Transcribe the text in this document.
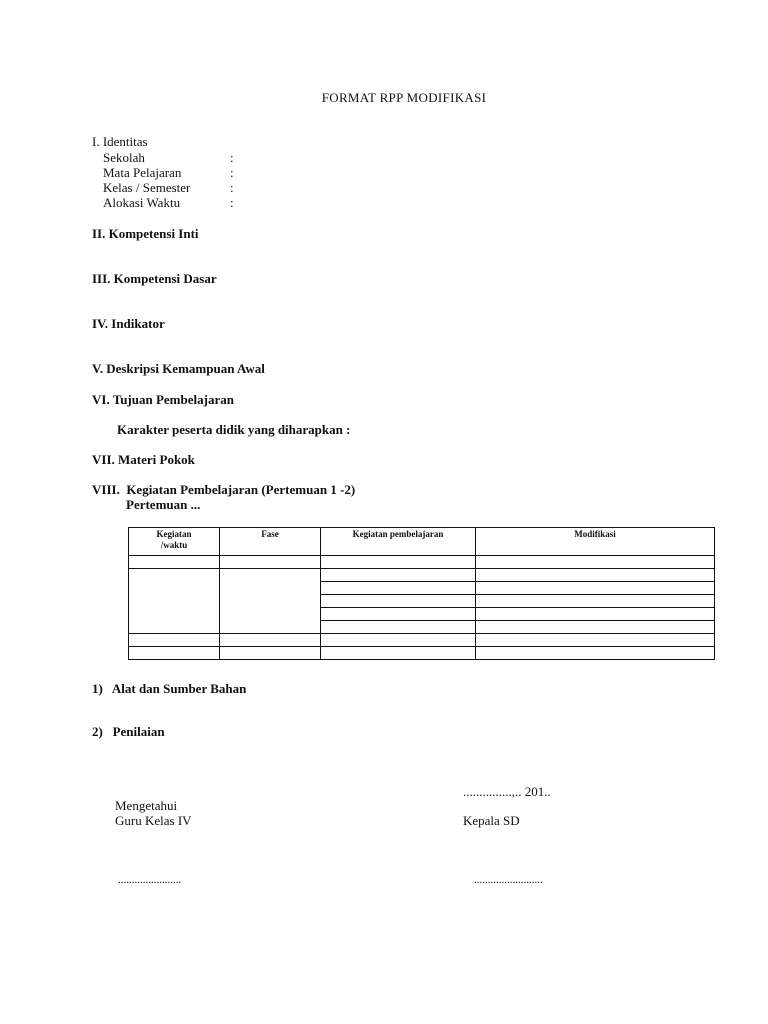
FORMAT RPP MODIFIKASI
I. Identitas
Sekolah	:
Mata Pelajaran	:
Kelas / Semester	:
Alokasi Waktu	:
II. Kompetensi Inti
III. Kompetensi Dasar
IV. Indikator
V. Deskripsi Kemampuan Awal
VI. Tujuan Pembelajaran
Karakter peserta didik yang diharapkan :
VII. Materi Pokok
VIII.  Kegiatan Pembelajaran (Pertemuan 1 -2)
Pertemuan ...
Kegiatan /waktu	Fase	Kegiatan pembelajaran	Modifikasi

1)   Alat dan Sumber Bahan
2)   Penilaian
...............,.. 201..
Mengetahui
Guru Kelas IV	Kepala SD
.......................	.........................
